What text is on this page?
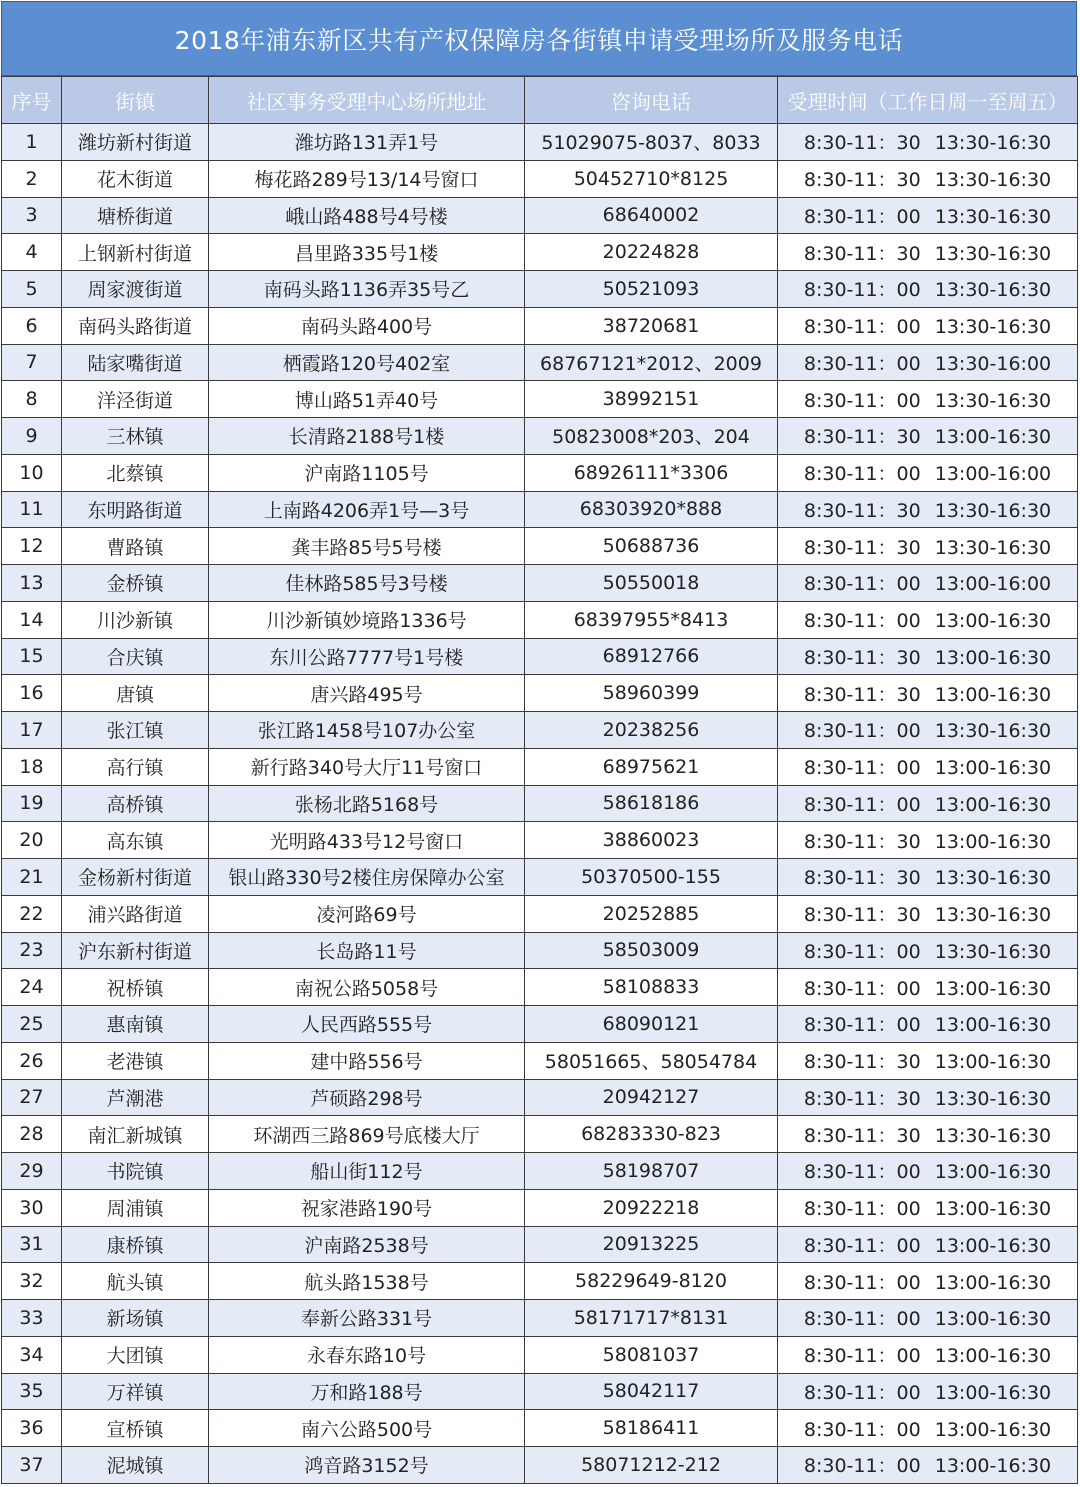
2018年浦东新区共有产权保障房各街镇申请受理场所及服务电话
序号	街镇	社区事务受理中心场所地址	咨询电话	受理时间（工作日周一至周五）
1	潍坊新村街道	潍坊路131弄1号	51029075-8037、8033	8:30-11：30 13:30-16:30
2	花木街道	梅花路289号13/14号窗口	50452710*8125	8:30-11：30 13:30-16:30
3	塘桥街道	峨山路488号4号楼	68640002	8:30-11：00 13:30-16:30
4	上钢新村街道	昌里路335号1楼	20224828	8:30-11：30 13:30-16:30
5	周家渡街道	南码头路1136弄35号乙	50521093	8:30-11：00 13:30-16:30
6	南码头路街道	南码头路400号	38720681	8:30-11：00 13:30-16:30
7	陆家嘴街道	栖霞路120号402室	68767121*2012、2009	8:30-11：00 13:30-16:00
8	洋泾街道	博山路51弄40号	38992151	8:30-11：00 13:30-16:30
9	三林镇	长清路2188号1楼	50823008*203、204	8:30-11：30 13:00-16:30
10	北蔡镇	沪南路1105号	68926111*3306	8:30-11：00 13:00-16:00
11	东明路街道	上南路4206弄1号—3号	68303920*888	8:30-11：30 13:30-16:30
12	曹路镇	龚丰路85号5号楼	50688736	8:30-11：30 13:30-16:30
13	金桥镇	佳林路585号3号楼	50550018	8:30-11：00 13:00-16:00
14	川沙新镇	川沙新镇妙境路1336号	68397955*8413	8:30-11：00 13:00-16:30
15	合庆镇	东川公路7777号1号楼	68912766	8:30-11：30 13:00-16:30
16	唐镇	唐兴路495号	58960399	8:30-11：30 13:00-16:30
17	张江镇	张江路1458号107办公室	20238256	8:30-11：00 13:30-16:30
18	高行镇	新行路340号大厅11号窗口	68975621	8:30-11：00 13:00-16:30
19	高桥镇	张杨北路5168号	58618186	8:30-11：00 13:00-16:30
20	高东镇	光明路433号12号窗口	38860023	8:30-11：30 13:00-16:30
21	金杨新村街道	银山路330号2楼住房保障办公室	50370500-155	8:30-11：30 13:30-16:30
22	浦兴路街道	凌河路69号	20252885	8:30-11：30 13:30-16:30
23	沪东新村街道	长岛路11号	58503009	8:30-11：00 13:30-16:30
24	祝桥镇	南祝公路5058号	58108833	8:30-11：00 13:00-16:30
25	惠南镇	人民西路555号	68090121	8:30-11：00 13:00-16:30
26	老港镇	建中路556号	58051665、58054784	8:30-11：30 13:00-16:30
27	芦潮港	芦硕路298号	20942127	8:30-11：30 13:30-16:30
28	南汇新城镇	环湖西三路869号底楼大厅	68283330-823	8:30-11：30 13:30-16:30
29	书院镇	船山街112号	58198707	8:30-11：00 13:00-16:30
30	周浦镇	祝家港路190号	20922218	8:30-11：00 13:00-16:30
31	康桥镇	沪南路2538号	20913225	8:30-11：00 13:00-16:30
32	航头镇	航头路1538号	58229649-8120	8:30-11：00 13:00-16:30
33	新场镇	奉新公路331号	58171717*8131	8:30-11：00 13:00-16:30
34	大团镇	永春东路10号	58081037	8:30-11：00 13:00-16:30
35	万祥镇	万和路188号	58042117	8:30-11：00 13:00-16:30
36	宣桥镇	南六公路500号	58186411	8:30-11：00 13:00-16:30
37	泥城镇	鸿音路3152号	58071212-212	8:30-11：00 13:00-16:30
